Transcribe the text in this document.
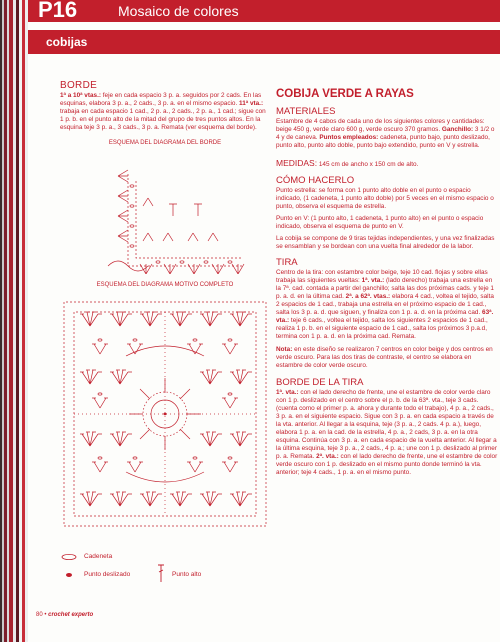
P16	Mosaico de colores
cobijas
BORDE

1ª a 10ª vtas.: feje en cada espacio 3 p. a. seguidos por 2 cads. En las esquinas, elabora 3 p. a., 2 cads., 3 p. a. en el mismo espacio. 11ª vta.: trabaja en cada espacio 1 cad., 2 p. a., 2 cads., 2 p. a., 1 cad.; sigue con 1 p. b. en el punto alto de la mitad del grupo de tres puntos altos. En la esquina teje 3 p. a., 3 cads., 3 p. a. Remata (ver esquema del borde).

ESQUEMA DEL DIAGRAMA DEL BORDE
ESQUEMA DEL DIAGRAMA MOTIVO COMPLETO
Cadeneta
Punto deslizado	Punto alto
80 • crochet experto
COBIJA VERDE A RAYAS
MATERIALES

Estambre de 4 cabos de cada uno de los siguientes colores y cantidades: beige 450 g, verde claro 600 g, verde oscuro 370 gramos. Ganchillo: 3 1/2 o 4 y de caneva. Puntos empleados: cadeneta, punto bajo, punto deslizado, punto alto, punto alto doble, punto bajo extendido, punto en V y estrella.

MEDIDAS: 145 cm de ancho x 150 cm de alto.

CÓMO HACERLO

Punto estrella: se forma con 1 punto alto doble en el punto o espacio indicado, (1 cadeneta, 1 punto alto doble) por 5 veces en el mismo espacio o punto, observa el esquema de estrella.

Punto en V: (1 punto alto, 1 cadeneta, 1 punto alto) en el punto o espacio indicado, observa el esquema de punto en V.

La cobija se compone de 9 tiras tejidas independientes, y una vez finalizadas se ensamblan y se bordean con una vuelta final alrededor de la labor.

TIRA

Centro de la tira: con estambre color beige, teje 10 cad. flojas y sobre ellas trabaja las siguientes vueltas: 1ª. vta.: (lado derecho) trabaja una estrella en la 7ª. cad. contada a partir del ganchillo; salta las dos próximas cads. y teje 1 p. a. d. en la última cad. 2ª. a 62ª. vtas.: elabora 4 cad., voltea el tejido, salta 2 espacios de 1 cad., trabaja una estrella en el próximo espacio de 1 cad., salta los 3 p. a. d. que siguen, y finaliza con 1 p. a. d. en la próxima cad. 63ª. vta.: teje 6 cads., voltea el tejido, salta los siguientes 2 espacios de 1 cad., realiza 1 p. b. en el siguiente espacio de 1 cad., salta los próximos 3 p.a.d, termina con 1 p. a. d. en la próxima cad. Remata.

Nota: en este diseño se realizaron 7 centros en color beige y dos centros en verde oscuro. Para las dos tiras de contraste, el centro se elabora en estambre de color verde oscuro.

BORDE DE LA TIRA

1ª. vta.: con el lado derecho de frente, une el estambre de color verde claro con 1 p. deslizado en el centro sobre el p. b. de la 63ª. vta., teje 3 cads. (cuenta como el primer p. a. ahora y durante todo el trabajo), 4 p. a., 2 cads., 3 p. a. en el siguiente espacio. Sigue con 3 p. a. en cada espacio a través de la vta. anterior. Al llegar a la esquina, teje (3 p. a., 2 cads. 4 p. a.), luego, elabora 1 p. a. en la cad. de la estrella, 4 p. a., 2 cads, 3 p. a. en la otra esquina. Continúa con 3 p. a. en cada espacio de la vuelta anterior. Al llegar a la última esquina, teje 3 p. a., 2 cads., 4 p. a.; une con 1 p. deslizado al primer p. a. Remata. 2ª. vta.: con el lado derecho de frente, une el estambre de color verde oscuro con 1 p. deslizado en el mismo punto donde terminó la vta. anterior; teje 4 cads., 1 p. a. en el mismo punto.
